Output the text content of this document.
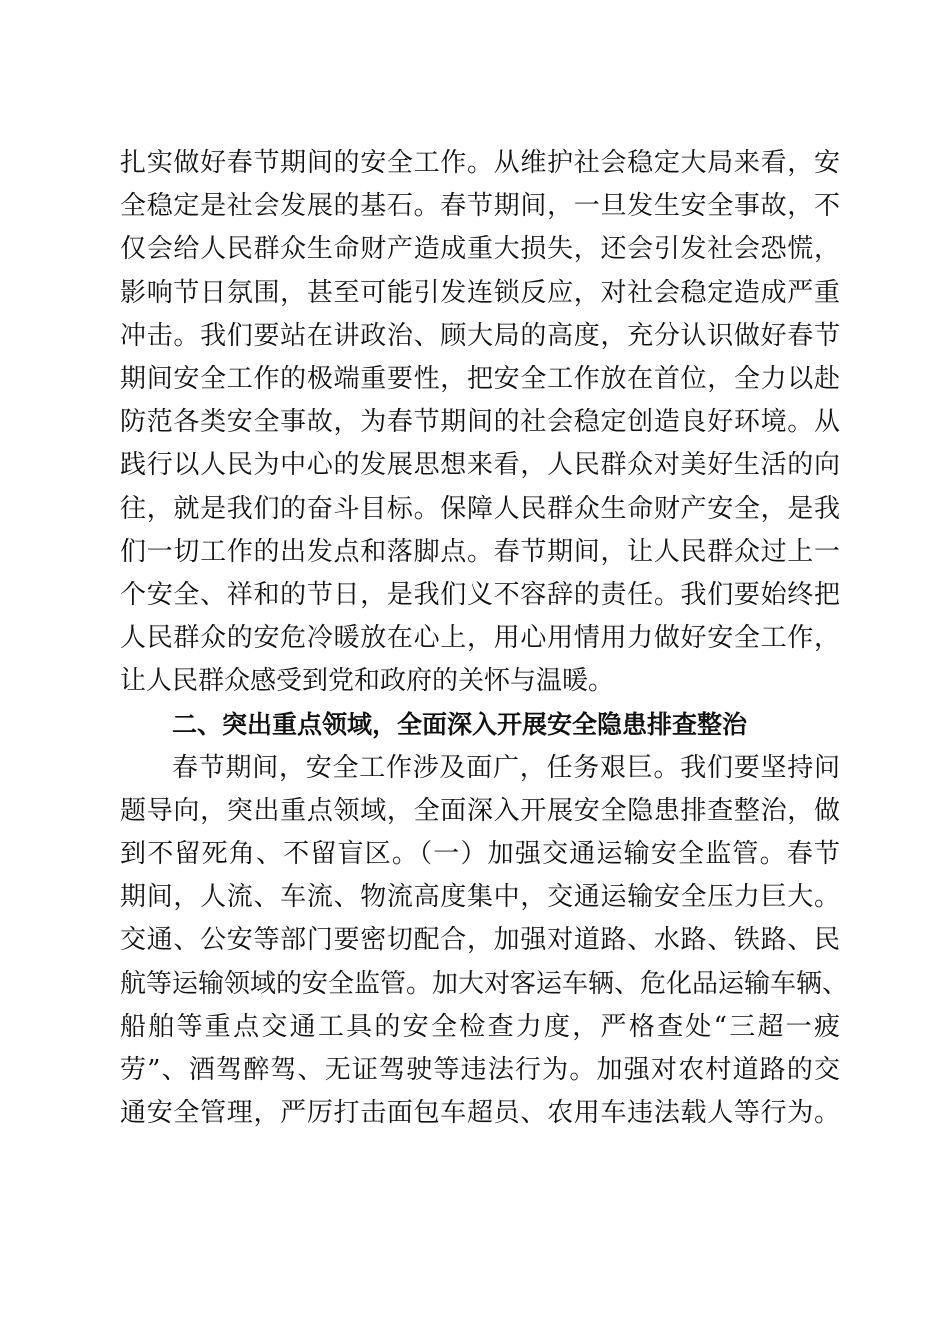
扎实做好春节期间的安全工作。从维护社会稳定大局来看，安
全稳定是社会发展的基石。春节期间，一旦发生安全事故，不
仅会给人民群众生命财产造成重大损失，还会引发社会恐慌，
影响节日氛围，甚至可能引发连锁反应，对社会稳定造成严重
冲击。我们要站在讲政治、顾大局的高度，充分认识做好春节
期间安全工作的极端重要性，把安全工作放在首位，全力以赴
防范各类安全事故，为春节期间的社会稳定创造良好环境。从
践行以人民为中心的发展思想来看，人民群众对美好生活的向
往，就是我们的奋斗目标。保障人民群众生命财产安全，是我
们一切工作的出发点和落脚点。春节期间，让人民群众过上一
个安全、祥和的节日，是我们义不容辞的责任。我们要始终把
人民群众的安危冷暖放在心上，用心用情用力做好安全工作，
让人民群众感受到党和政府的关怀与温暖。
二、突出重点领域，全面深入开展安全隐患排查整治
春节期间，安全工作涉及面广，任务艰巨。我们要坚持问
题导向，突出重点领域，全面深入开展安全隐患排查整治，做
到不留死角、不留盲区。（一）加强交通运输安全监管。春节
期间，人流、车流、物流高度集中，交通运输安全压力巨大。
交通、公安等部门要密切配合，加强对道路、水路、铁路、民
航等运输领域的安全监管。加大对客运车辆、危化品运输车辆、
船舶等重点交通工具的安全检查力度，严格查处“三超一疲
劳”、酒驾醉驾、无证驾驶等违法行为。加强对农村道路的交
通安全管理，严厉打击面包车超员、农用车违法载人等行为。
